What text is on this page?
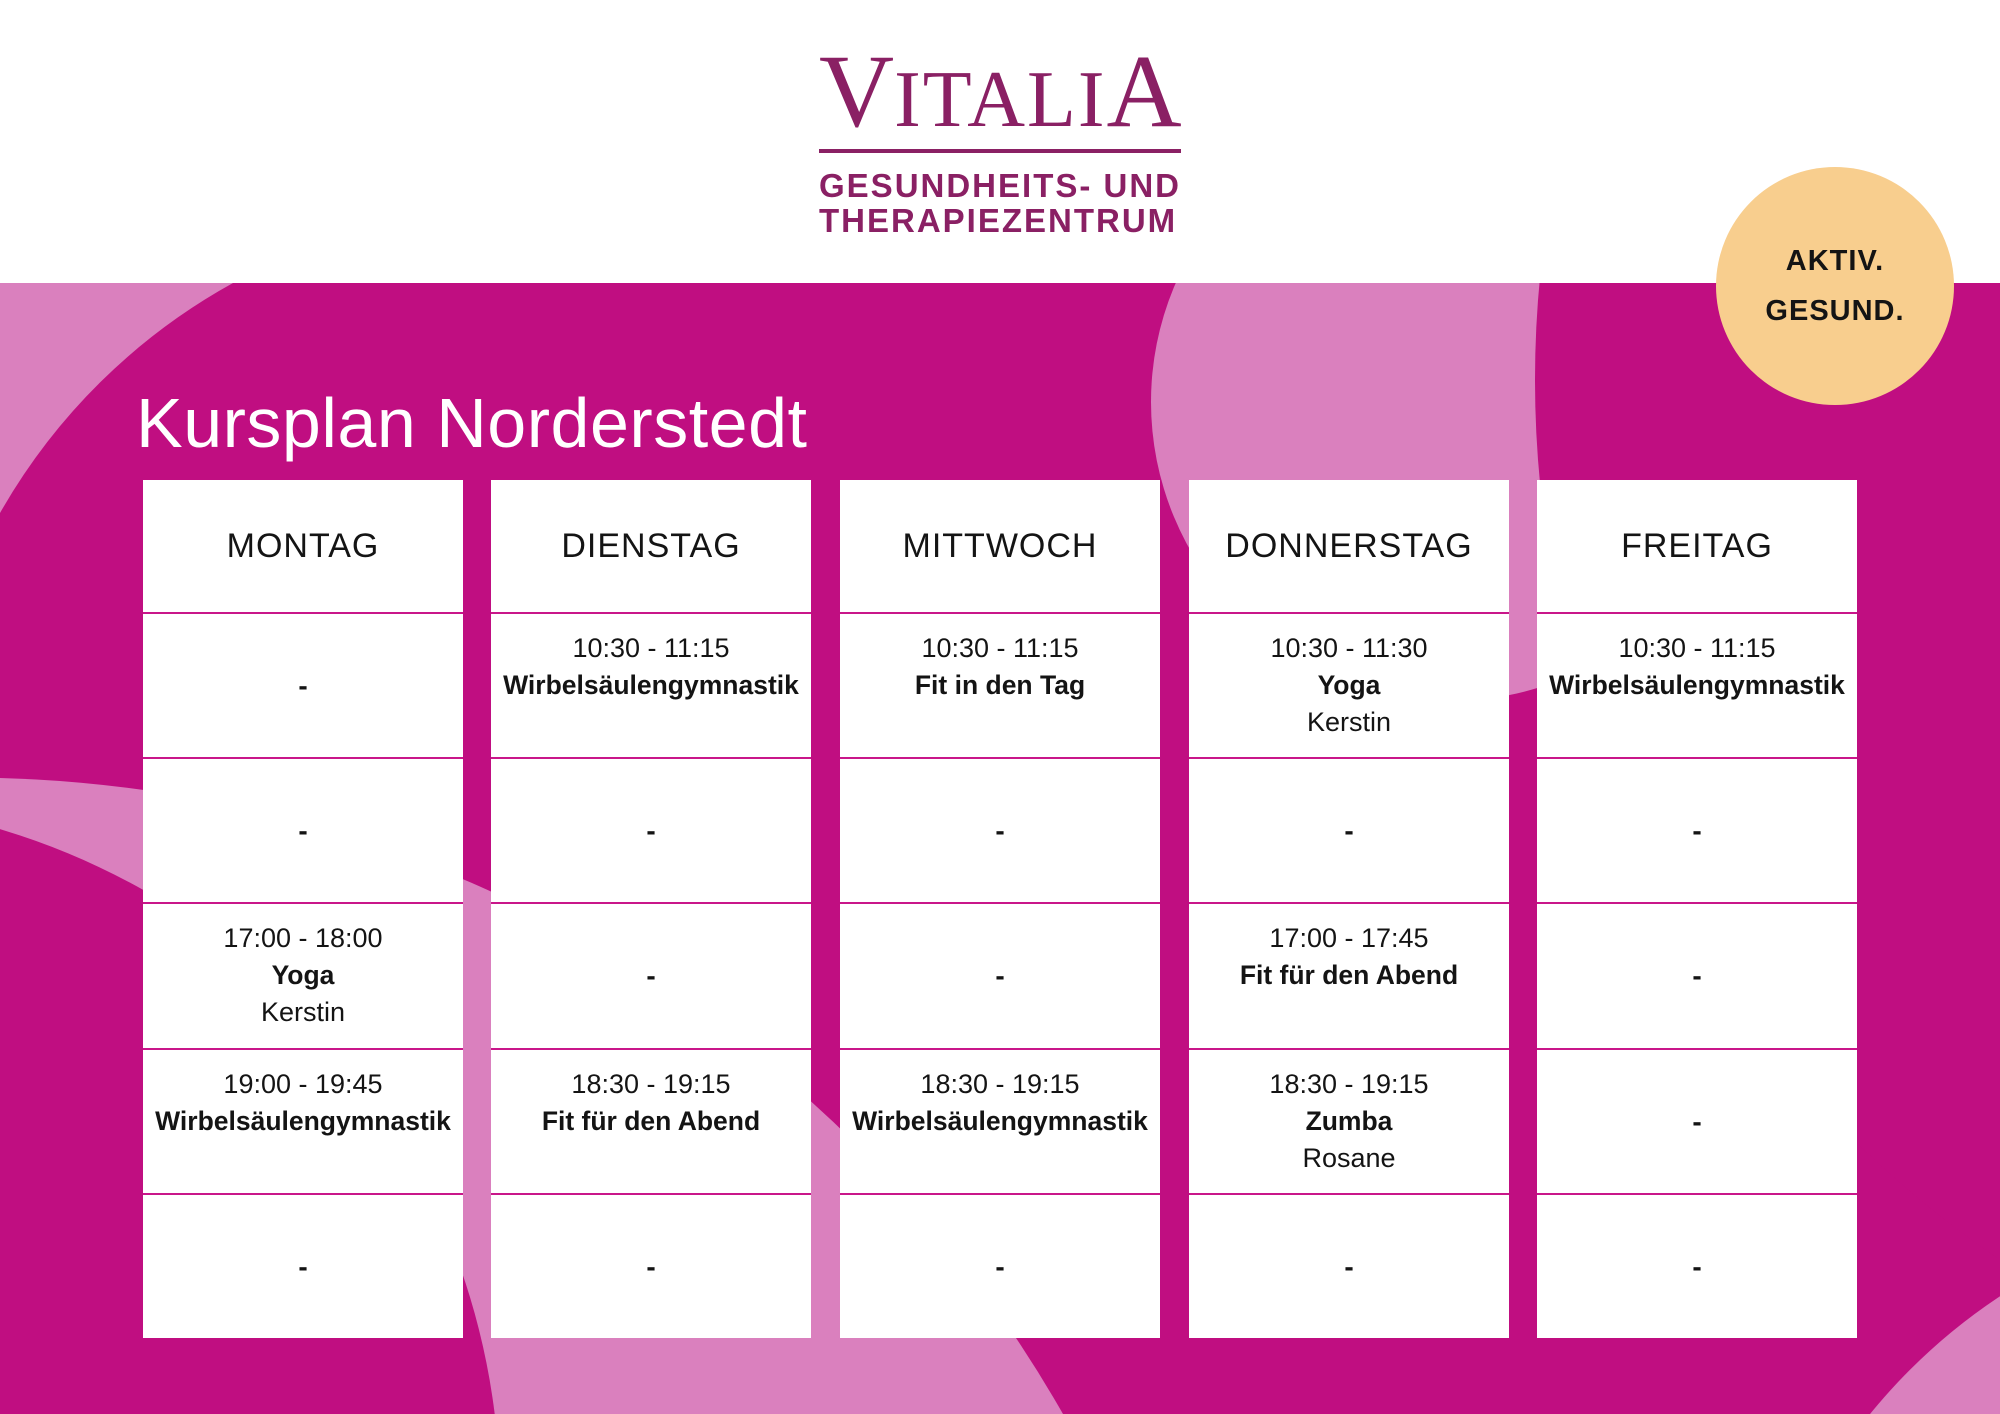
VITALIA
GESUNDHEITS- UND
THERAPIEZENTRUM
AKTIV.
GESUND.
Kursplan Norderstedt
MONTAG
-
-
17:00 - 18:00
Yoga
Kerstin
19:00 - 19:45
Wirbelsäulengymnastik

-
DIENSTAG
10:30 - 11:15
Wirbelsäulengymnastik

-
-
18:30 - 19:15
Fit für den Abend

-
MITTWOCH
10:30 - 11:15
Fit in den Tag

-
-
18:30 - 19:15
Wirbelsäulengymnastik

-
DONNERSTAG
10:30 - 11:30
Yoga
Kerstin
-
17:00 - 17:45
Fit für den Abend

18:30 - 19:15
Zumba
Rosane
-
FREITAG
10:30 - 11:15
Wirbelsäulengymnastik

-
-
-
-
